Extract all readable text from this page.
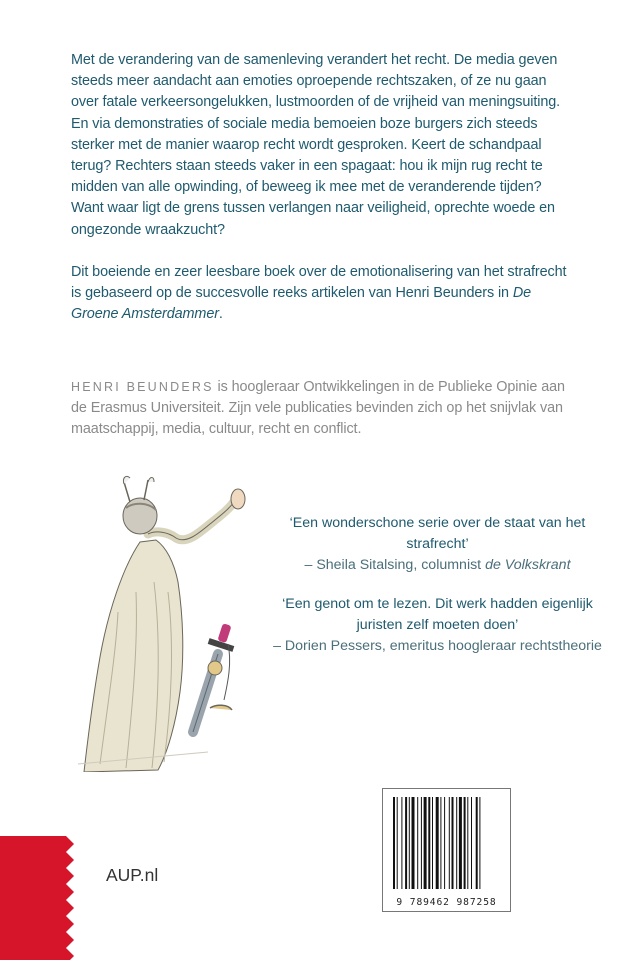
Met de verandering van de samenleving verandert het recht. De media geven steeds meer aandacht aan emoties oproepende rechtszaken, of ze nu gaan over fatale verkeersongelukken, lustmoorden of de vrijheid van meningsuiting. En via demonstraties of sociale media bemoeien boze burgers zich steeds sterker met de manier waarop recht wordt gesproken. Keert de schandpaal terug? Rechters staan steeds vaker in een spagaat: hou ik mijn rug recht te midden van alle opwinding, of beweeg ik mee met de veranderende tijden? Want waar ligt de grens tussen verlangen naar veiligheid, oprechte woede en ongezonde wraakzucht?

Dit boeiende en zeer leesbare boek over de emotionalisering van het strafrecht is gebaseerd op de succesvolle reeks artikelen van Henri Beunders in De Groene Amsterdammer.

HENRI BEUNDERS is hoogleraar Ontwikkelingen in de Publieke Opinie aan de Erasmus Universiteit. Zijn vele publicaties bevinden zich op het snijvlak van maatschappij, media, cultuur, recht en conflict.
‘Een wonderschone serie over de staat van het strafrecht’
– Sheila Sitalsing, columnist de Volkskrant
‘Een genot om te lezen. Dit werk hadden eigenlijk juristen zelf moeten doen’
– Dorien Pessers, emeritus hoogleraar rechtstheorie
AUP.nl
9 789462 987258
